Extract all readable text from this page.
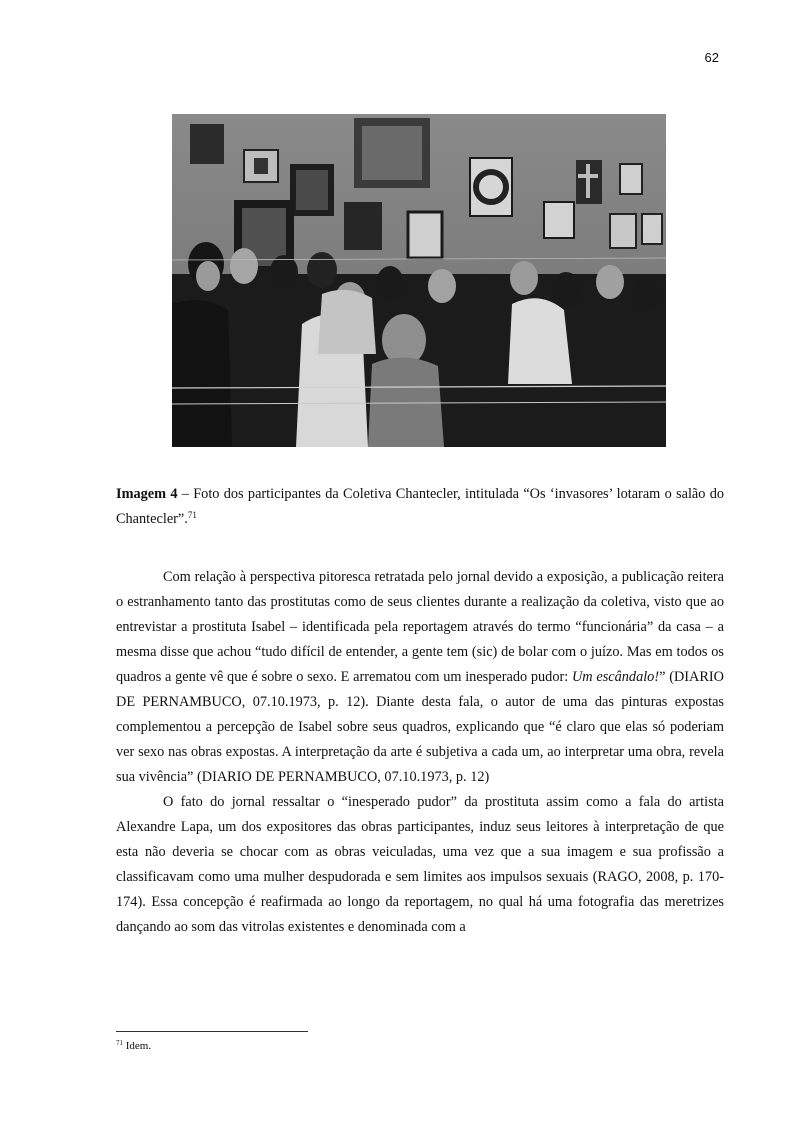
62
Imagem 4 – Foto dos participantes da Coletiva Chantecler, intitulada “Os ‘invasores’ lotaram o salão do Chantecler”.$^{71}$

Com relação à perspectiva pitoresca retratada pelo jornal devido a exposição, a publicação reitera o estranhamento tanto das prostitutas como de seus clientes durante a realização da coletiva, visto que ao entrevistar a prostituta Isabel – identificada pela reportagem através do termo “funcionária” da casa – a mesma disse que achou “tudo difícil de entender, a gente tem (sic) de bolar com o juízo. Mas em todos os quadros a gente vê que é sobre o sexo. E arrematou com um inesperado pudor: Um escândalo!” (DIARIO DE PERNAMBUCO, 07.10.1973, p. 12). Diante desta fala, o autor de uma das pinturas expostas complementou a percepção de Isabel sobre seus quadros, explicando que “é claro que elas só poderiam ver sexo nas obras expostas. A interpretação da arte é subjetiva a cada um, ao interpretar uma obra, revela sua vivência” (DIARIO DE PERNAMBUCO, 07.10.1973, p. 12)

O fato do jornal ressaltar o “inesperado pudor” da prostituta assim como a fala do artista Alexandre Lapa, um dos expositores das obras participantes, induz seus leitores à interpretação de que esta não deveria se chocar com as obras veiculadas, uma vez que a sua imagem e sua profissão a classificavam como uma mulher despudorada e sem limites aos impulsos sexuais (RAGO, 2008, p. 170-174). Essa concepção é reafirmada ao longo da reportagem, no qual há uma fotografia das meretrizes dançando ao som das vitrolas existentes e denominada com a

$^{71}$ Idem.
